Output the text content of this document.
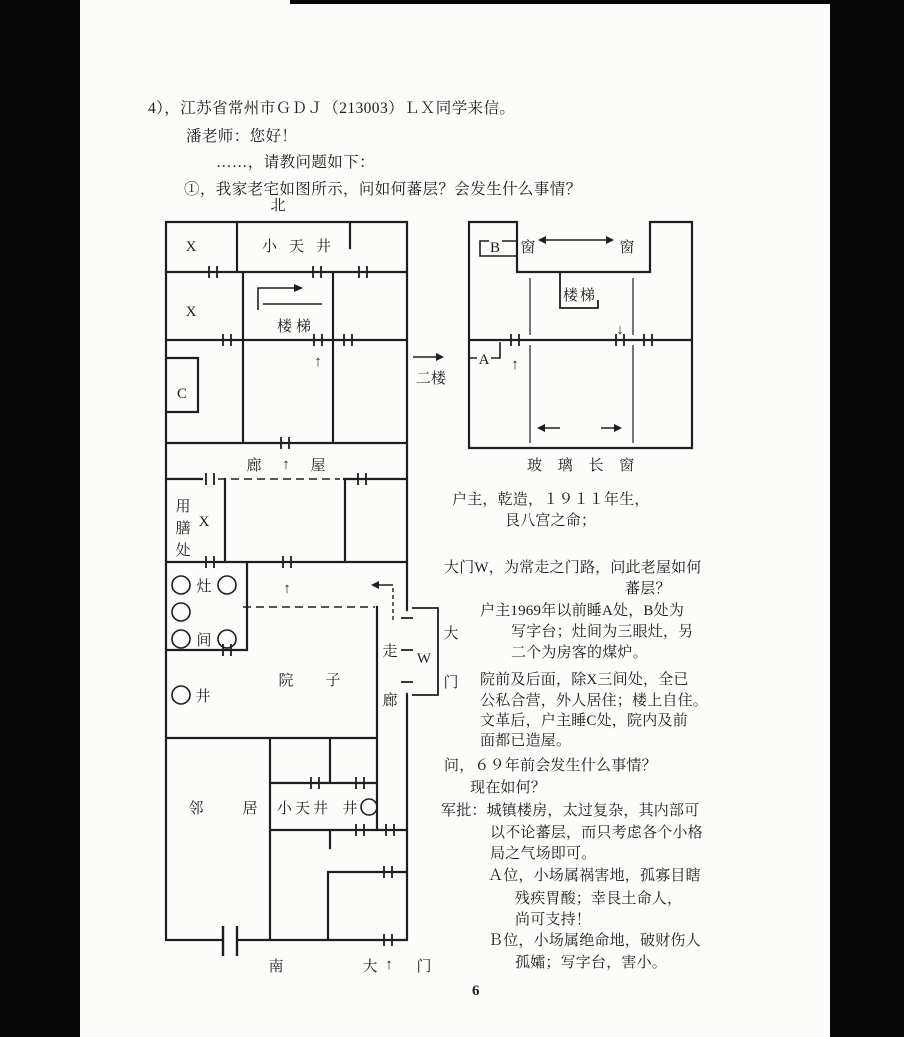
4），江苏省常州市ＧＤＪ（213003）ＬＸ同学来信。
潘老师：您好！
……，请教问题如下：
①，我家老宅如图所示，问如何蕃层？会发生什么事情？
北
X	小天井
X
楼梯
C
廊 ↑ 屋
用
膳
处
X
↑
灶
间
↑
院 子
井
走
廊
W
大
门
邻	居 小天井 井
南	大 ↑ 门
二楼
B 窗	窗
楼梯
A ↑
↓
玻 璃 长 窗
户主，乾造，１９１１年生，
艮八宫之命；
大门W，为常走之门路，问此老屋如何
蕃层？
户主1969年以前睡A处，B处为
写字台；灶间为三眼灶，另
二个为房客的煤炉。
院前及后面，除X三间处，全已
公私合营，外人居住；楼上自住。
文革后，户主睡C处，院内及前
面都已造屋。
问，６９年前会发生什么事情？
现在如何？
军批：城镇楼房，太过复杂，其内部可
以不论蕃层，而只考虑各个小格
局之气场即可。
Ａ位，小场属祸害地，孤寡目瞎
残疾胃酸；幸艮土命人，
尚可支持！
Ｂ位，小场属绝命地，破财伤人
孤孀；写字台，害小。
6
